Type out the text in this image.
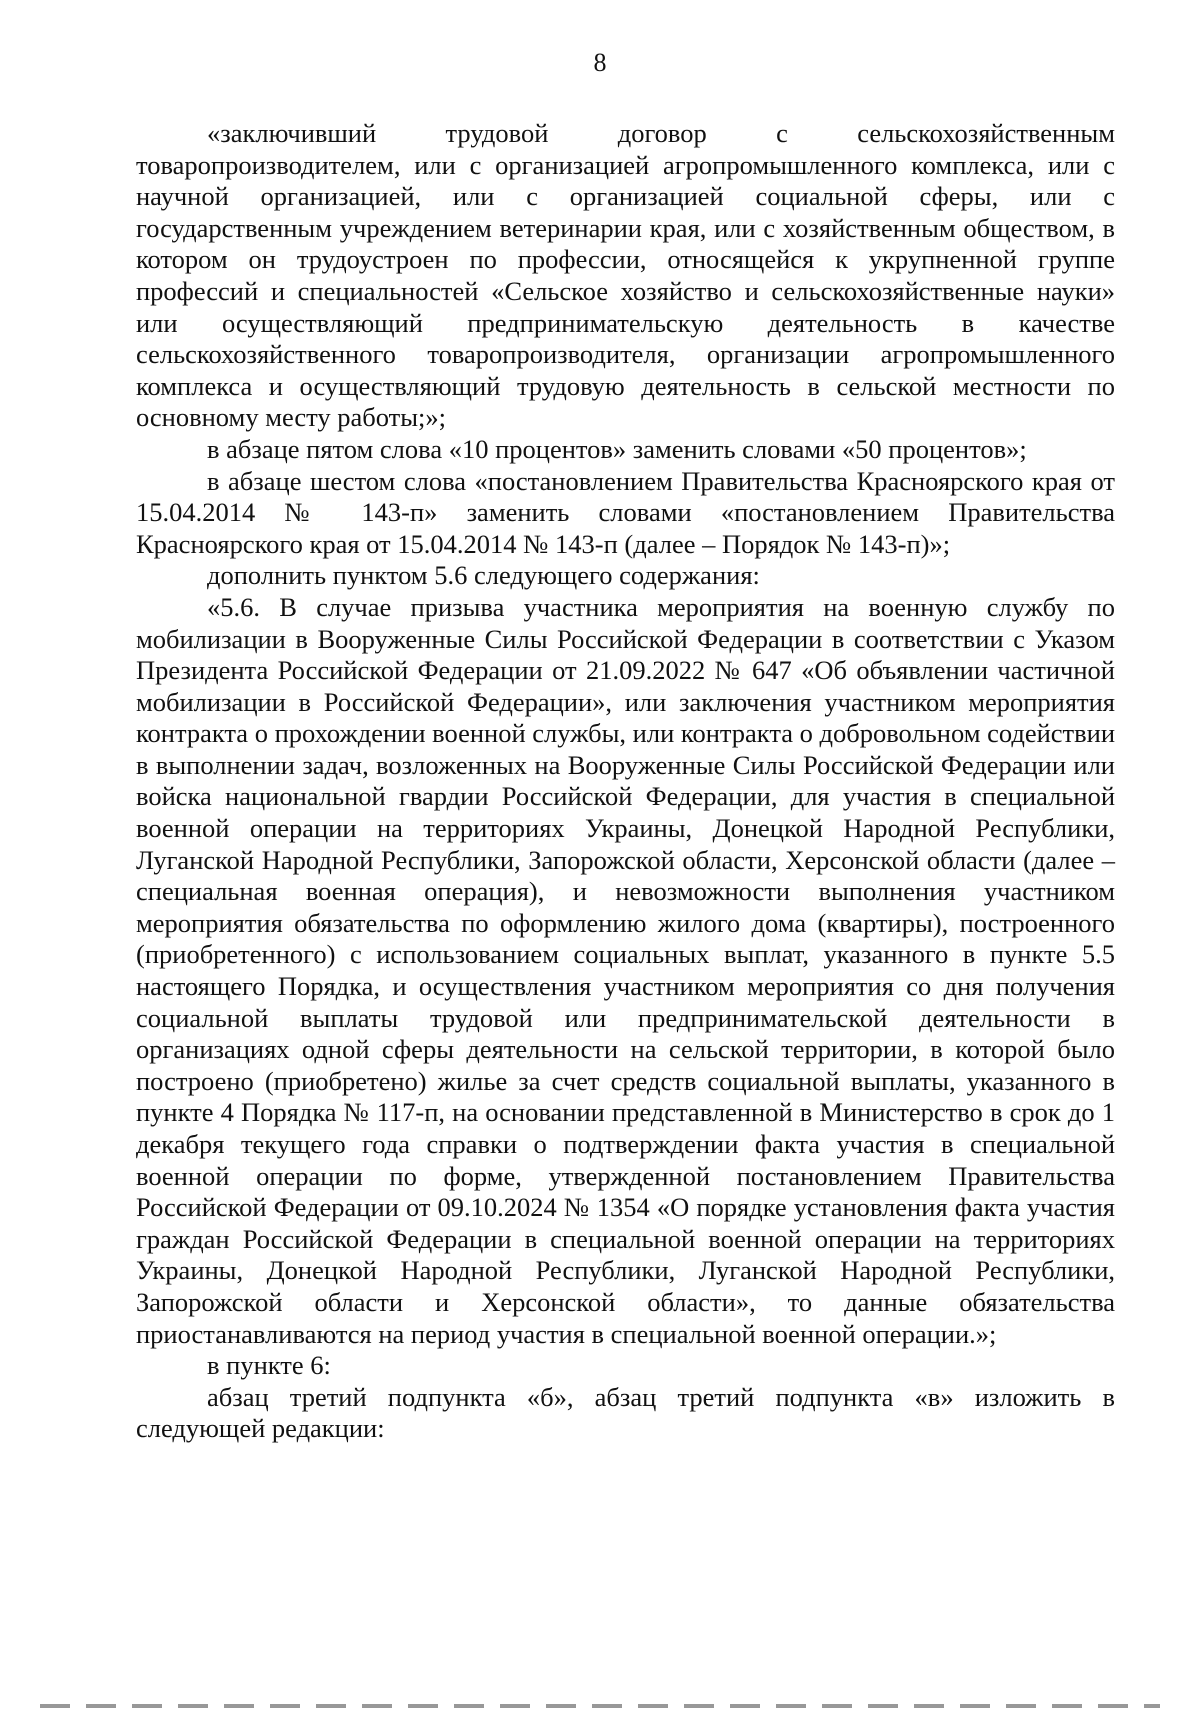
8

«заключивший трудовой договор с сельскохозяйственным товаропроизводителем, или с организацией агропромышленного комплекса, или с научной организацией, или с организацией социальной сферы, или с государственным учреждением ветеринарии края, или с хозяйственным обществом, в котором он трудоустроен по профессии, относящейся к укрупненной группе профессий и специальностей «Сельское хозяйство и сельскохозяйственные науки» или осуществляющий предпринимательскую деятельность в качестве сельскохозяйственного товаропроизводителя, организации агропромышленного комплекса и осуществляющий трудовую деятельность в сельской местности по основному месту работы;»;

в абзаце пятом слова «10 процентов» заменить словами «50 процентов»;

в абзаце шестом слова «постановлением Правительства Красноярского края от 15.04.2014 № 143-п» заменить словами «постановлением Правительства Красноярского края от 15.04.2014 № 143-п (далее – Порядок № 143-п)»;

дополнить пунктом 5.6 следующего содержания:

«5.6. В случае призыва участника мероприятия на военную службу по мобилизации в Вооруженные Силы Российской Федерации в соответствии с Указом Президента Российской Федерации от 21.09.2022 № 647 «Об объявлении частичной мобилизации в Российской Федерации», или заключения участником мероприятия контракта о прохождении военной службы, или контракта о добровольном содействии в выполнении задач, возложенных на Вооруженные Силы Российской Федерации или войска национальной гвардии Российской Федерации, для участия в специальной военной операции на территориях Украины, Донецкой Народной Республики, Луганской Народной Республики, Запорожской области, Херсонской области (далее – специальная военная операция), и невозможности выполнения участником мероприятия обязательства по оформлению жилого дома (квартиры), построенного (приобретенного) с использованием социальных выплат, указанного в пункте 5.5 настоящего Порядка, и осуществления участником мероприятия со дня получения социальной выплаты трудовой или предпринимательской деятельности в организациях одной сферы деятельности на сельской территории, в которой было построено (приобретено) жилье за счет средств социальной выплаты, указанного в пункте 4 Порядка № 117-п, на основании представленной в Министерство в срок до 1 декабря текущего года справки о подтверждении факта участия в специальной военной операции по форме, утвержденной постановлением Правительства Российской Федерации от 09.10.2024 № 1354 «О порядке установления факта участия граждан Российской Федерации в специальной военной операции на территориях Украины, Донецкой Народной Республики, Луганской Народной Республики, Запорожской области и Херсонской области», то данные обязательства приостанавливаются на период участия в специальной военной операции.»;

в пункте 6:

абзац третий подпункта «б», абзац третий подпункта «в» изложить в следующей редакции:
